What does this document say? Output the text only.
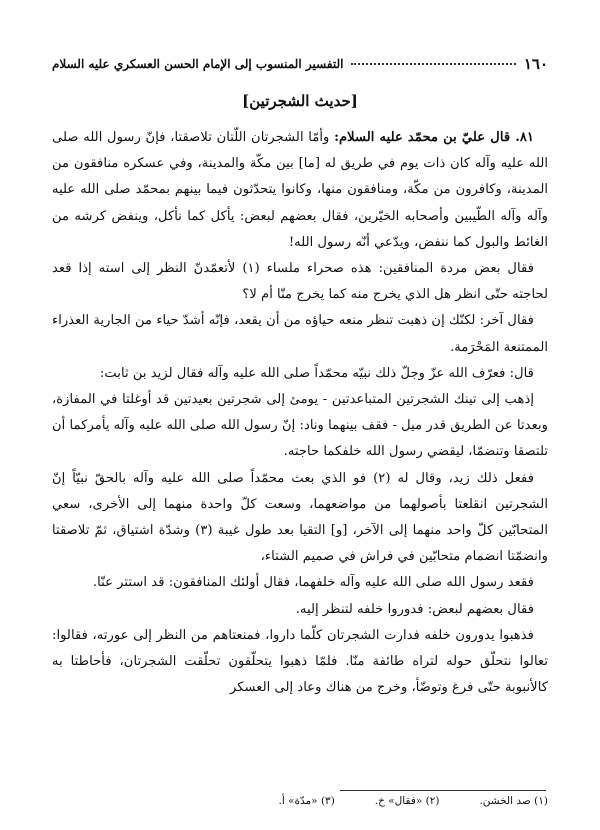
١٦٠
التفسير المنسوب إلى الإمام الحسن العسكري عليه السلام
[حديث الشجرتين]

٨١. قال عليّ بن محمّد عليه السلام: وأمّا الشجرتان اللّتان تلاصقتا، فإنّ رسول الله صلى الله عليه وآله كان ذات يوم في طريق له [ما] بين مكّة والمدينة، وفي عسكره منافقون من المدينة، وكافرون من مكّة، ومنافقون منها، وكانوا يتحدّثون فيما بينهم بمحمّد صلى الله عليه وآله وآله الطّيبين وأصحابه الخيّرين، فقال بعضهم لبعض: يأكل كما نأكل، وينفض كرشه من الغائط والبول كما ننفض، ويدّعي أنّه رسول الله!

فقال بعض مردة المنافقين: هذه صحراء ملساء (١) لأتعمّدنّ النظر إلى استه إذا قعد لحاجته حتّى انظر هل الذي يخرج منه كما يخرج منّا أم لا؟

فقال آخر: لكنّك إن ذهبت تنظر منعه حياؤه من أن يقعد، فإنّه أشدّ حياء من الجارية العذراء الممتنعة المَحْرَمة.

قال: فعرّف الله عزّ وجلّ ذلك نبيّه محمّداً صلى الله عليه وآله فقال لزيد بن ثابت:

إذهب إلى تينك الشجرتين المتباعدتين - يومئ إلى شجرتين بعيدتين قد أوغلتا في المفازة، وبعدتا عن الطريق قدر ميل - فقف بينهما وناد: إنّ رسول الله صلى الله عليه وآله يأمركما أن تلتصقا وتنضمّا، ليقضي رسول الله خلفكما حاجته.

ففعل ذلك زيد، وقال له (٢) فو الذي بعث محمّداً صلى الله عليه وآله بالحقّ نبيّاً إنّ الشجرتين انقلعتا بأصولهما من مواضعهما، وسعت كلّ واحدة منهما إلى الأخرى، سعي المتحابّين كلّ واحد منهما إلى الآخر، [و] التقيا بعد طول غيبة (٣) وشدّة اشتياق، ثمّ تلاصقتا وانضمّتا انضمام متحابّين في فراش في صميم الشتاء،

فقعد رسول الله صلى الله عليه وآله خلفهما، فقال أولئك المنافقون: قد استتر عنّا.

فقال بعضهم لبعض: فدوروا خلفه لتنظر إليه.

فذهبوا يدورون خلفه فدارت الشجرتان كلّما داروا، فمنعتاهم من النظر إلى عورته، فقالوا: تعالوا نتحلّق حوله لتراه طائفة منّا. فلمّا ذهبوا يتحلّقون تحلّقت الشجرتان، فأحاطتا به كالأنبوبة حتّى فرغ وتوضّأ، وخرج من هناك وعاد إلى العسكر

(١) صد الخشن.
(٢) «فقال» خ.
(٣) «مدّة» أ.
